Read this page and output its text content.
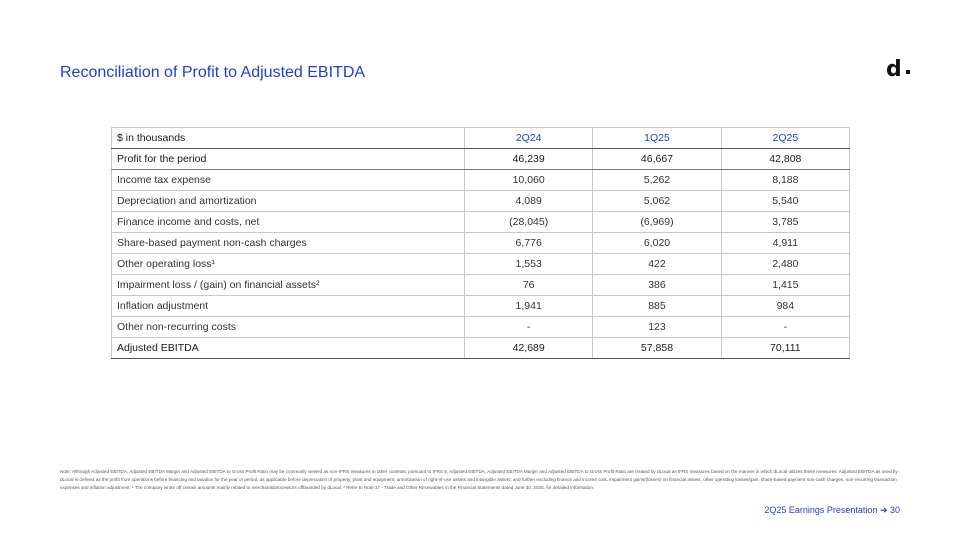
Reconciliation of Profit to Adjusted EBITDA	d
$ in thousands	2Q24	1Q25	2Q25
Profit for the period	46,239	46,667	42,808
Income tax expense	10,060	5,262	8,188
Depreciation and amortization	4,089	5,062	5,540
Finance income and costs, net	(28,045)	(6,969)	3,785
Share-based payment non-cash charges	6,776	6,020	4,911
Other operating loss¹	1,553	422	2,480
Impairment loss / (gain) on financial assets²	76	386	1,415
Inflation adjustment	1,941	885	984
Other non-recurring costs	-	123	-
Adjusted EBITDA	42,689	57,858	70,111
Note: Although Adjusted EBITDA, Adjusted EBITDA Margin and Adjusted EBITDA to Gross Profit Ratio may be commonly viewed as non-IFRS measures in other contexts, pursuant to IFRS 8, Adjusted EBITDA, Adjusted EBITDA Margin and Adjusted EBITDA to Gross Profit Ratio are treated by dLocal as IFRS measures based on the manner in which dLocal utilizes these measures. Adjusted EBITDA as used by dLocal is defined as the profit from operations before financing and taxation for the year or period, as applicable before depreciation of property, plant and equipment, amortization of right-of-use assets and intangible assets, and further excluding finance and income cost, impairment gains/(losses) on financial assets, other operating losses/gain, share-based payment non-cash charges, non-recurring transaction expenses and inflation adjustment. ¹ The company wrote off certain amounts mainly related to merchants/processors offboarded by dLocal. ² Refer to Note 17 - Trade and Other Receivables in the Financial Statements dated June 30, 2025, for detailed information.
2Q25 Earnings Presentation ➜ 30
